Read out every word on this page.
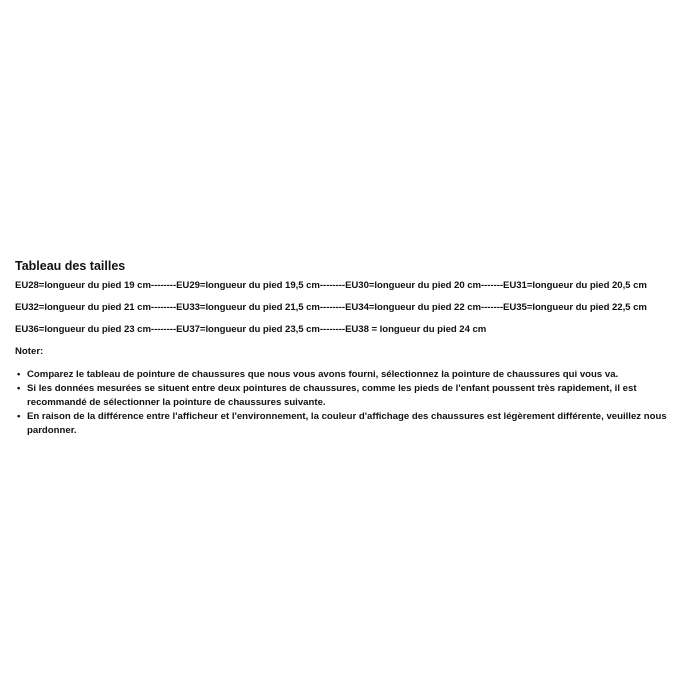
Tableau des tailles
EU28=longueur du pied 19 cm--------EU29=longueur du pied 19,5 cm--------EU30=longueur du pied 20 cm-------EU31=longueur du pied 20,5 cm
EU32=longueur du pied 21 cm--------EU33=longueur du pied 21,5 cm--------EU34=longueur du pied 22 cm-------EU35=longueur du pied 22,5 cm
EU36=longueur du pied 23 cm--------EU37=longueur du pied 23,5 cm--------EU38 = longueur du pied 24 cm
Noter:
• Comparez le tableau de pointure de chaussures que nous vous avons fourni, sélectionnez la pointure de chaussures qui vous va.
• Si les données mesurées se situent entre deux pointures de chaussures, comme les pieds de l'enfant poussent très rapidement, il est recommandé de sélectionner la pointure de chaussures suivante.
• En raison de la différence entre l'afficheur et l'environnement, la couleur d'affichage des chaussures est légèrement différente, veuillez nous pardonner.
